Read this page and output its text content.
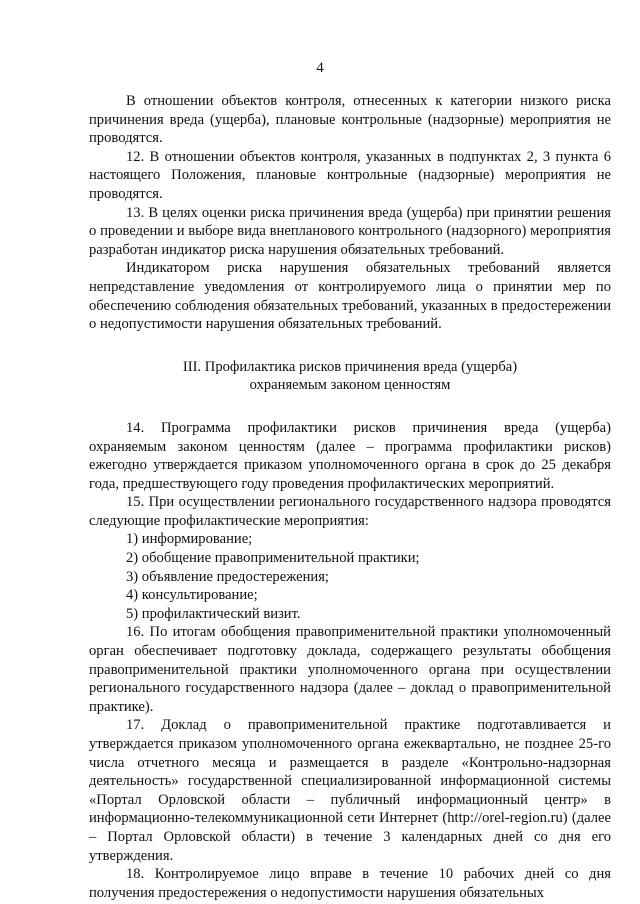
4

В отношении объектов контроля, отнесенных к категории низкого риска причинения вреда (ущерба), плановые контрольные (надзорные) мероприятия не проводятся.

12. В отношении объектов контроля, указанных в подпунктах 2, 3 пункта 6 настоящего Положения, плановые контрольные (надзорные) мероприятия не проводятся.

13. В целях оценки риска причинения вреда (ущерба) при принятии решения о проведении и выборе вида внепланового контрольного (надзорного) мероприятия разработан индикатор риска нарушения обязательных требований.

Индикатором риска нарушения обязательных требований является непредставление уведомления от контролируемого лица о принятии мер по обеспечению соблюдения обязательных требований, указанных в предостережении о недопустимости нарушения обязательных требований.

III. Профилактика рисков причинения вреда (ущерба)

охраняемым законом ценностям

14. Программа профилактики рисков причинения вреда (ущерба) охраняемым законом ценностям (далее – программа профилактики рисков) ежегодно утверждается приказом уполномоченного органа в срок до 25 декабря года, предшествующего году проведения профилактических мероприятий.

15. При осуществлении регионального государственного надзора проводятся следующие профилактические мероприятия:

1) информирование;

2) обобщение правоприменительной практики;

3) объявление предостережения;

4) консультирование;

5) профилактический визит.

16. По итогам обобщения правоприменительной практики уполномоченный орган обеспечивает подготовку доклада, содержащего результаты обобщения правоприменительной практики уполномоченного органа при осуществлении регионального государственного надзора (далее – доклад о правоприменительной практике).

17. Доклад о правоприменительной практике подготавливается и утверждается приказом уполномоченного органа ежеквартально, не позднее 25-го числа отчетного месяца и размещается в разделе «Контрольно-надзорная деятельность» государственной специализированной информационной системы «Портал Орловской области – публичный информационный центр» в информационно-телекоммуникационной сети Интернет (http://orel-region.ru) (далее – Портал Орловской области) в течение 3 календарных дней со дня его утверждения.

18. Контролируемое лицо вправе в течение 10 рабочих дней со дня получения предостережения о недопустимости нарушения обязательных
